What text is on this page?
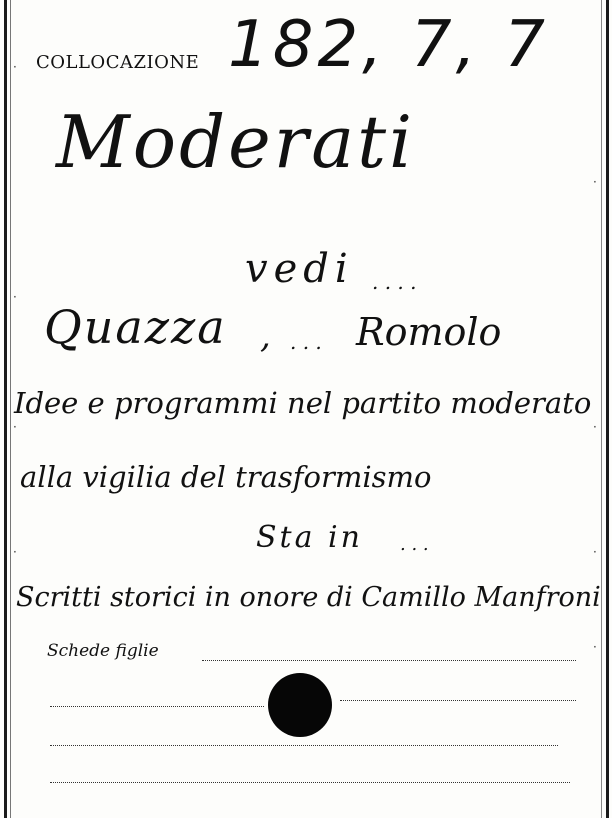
COLLOCAZIONE 182, 7, 7
Moderati
vedi . . . .
Quazza , . . . Romolo
Idee e programmi nel partito moderato
alla vigilia del trasformismo
Sta in . . .
Scritti storici in onore di Camillo Manfroni
Schede figlie
·
·
·
·
·
·
·
·
